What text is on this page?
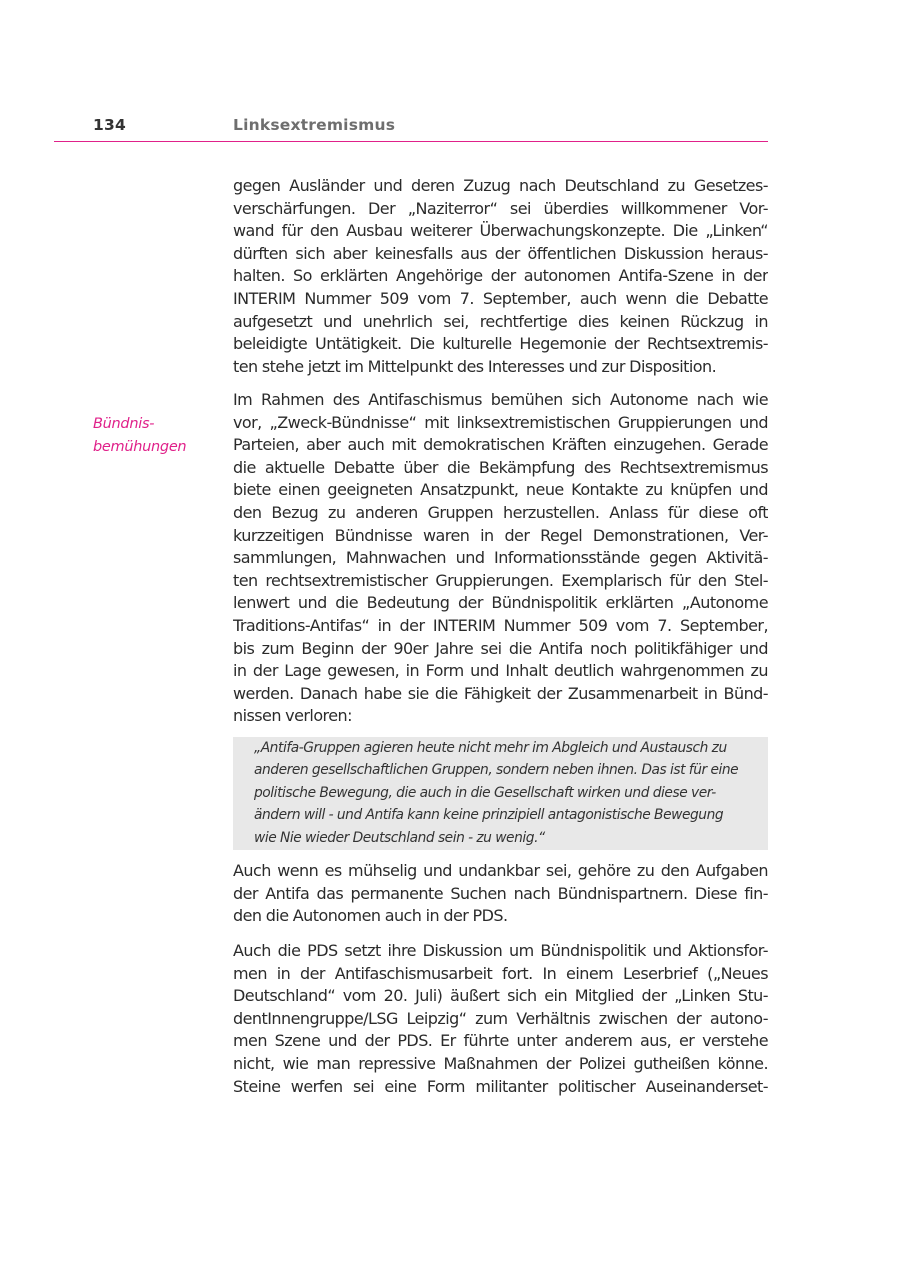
134	Linksextremismus
Bündnis-
bemühungen
gegen Ausländer und deren Zuzug nach Deutschland zu Gesetzes-
verschärfungen. Der „Naziterror“ sei überdies willkommener Vor-
wand für den Ausbau weiterer Überwachungskonzepte. Die „Linken“
dürften sich aber keinesfalls aus der öffentlichen Diskussion heraus-
halten. So erklärten Angehörige der autonomen Antifa-Szene in der
INTERIM Nummer 509 vom 7. September, auch wenn die Debatte
aufgesetzt und unehrlich sei, rechtfertige dies keinen Rückzug in
beleidigte Untätigkeit. Die kulturelle Hegemonie der Rechtsextremis-
ten stehe jetzt im Mittelpunkt des Interesses und zur Disposition.
Im Rahmen des Antifaschismus bemühen sich Autonome nach wie
vor, „Zweck-Bündnisse“ mit linksextremistischen Gruppierungen und
Parteien, aber auch mit demokratischen Kräften einzugehen. Gerade
die aktuelle Debatte über die Bekämpfung des Rechtsextremismus
biete einen geeigneten Ansatzpunkt, neue Kontakte zu knüpfen und
den Bezug zu anderen Gruppen herzustellen. Anlass für diese oft
kurzzeitigen Bündnisse waren in der Regel Demonstrationen, Ver-
sammlungen, Mahnwachen und Informationsstände gegen Aktivitä-
ten rechtsextremistischer Gruppierungen. Exemplarisch für den Stel-
lenwert und die Bedeutung der Bündnispolitik erklärten „Autonome
Traditions-Antifas“ in der INTERIM Nummer 509 vom 7. September,
bis zum Beginn der 90er Jahre sei die Antifa noch politikfähiger und
in der Lage gewesen, in Form und Inhalt deutlich wahrgenommen zu
werden. Danach habe sie die Fähigkeit der Zusammenarbeit in Bünd-
nissen verloren:
„Antifa-Gruppen agieren heute nicht mehr im Abgleich und Austausch zu
anderen gesellschaftlichen Gruppen, sondern neben ihnen. Das ist für eine
politische Bewegung, die auch in die Gesellschaft wirken und diese ver-
ändern will - und Antifa kann keine prinzipiell antagonistische Bewegung
wie Nie wieder Deutschland sein - zu wenig.“
Auch wenn es mühselig und undankbar sei, gehöre zu den Aufgaben
der Antifa das permanente Suchen nach Bündnispartnern. Diese fin-
den die Autonomen auch in der PDS.
Auch die PDS setzt ihre Diskussion um Bündnispolitik und Aktionsfor-
men in der Antifaschismusarbeit fort. In einem Leserbrief („Neues
Deutschland“ vom 20. Juli) äußert sich ein Mitglied der „Linken Stu-
dentInnengruppe/LSG Leipzig“ zum Verhältnis zwischen der autono-
men Szene und der PDS. Er führte unter anderem aus, er verstehe
nicht, wie man repressive Maßnahmen der Polizei gutheißen könne.
Steine werfen sei eine Form militanter politischer Auseinanderset-
